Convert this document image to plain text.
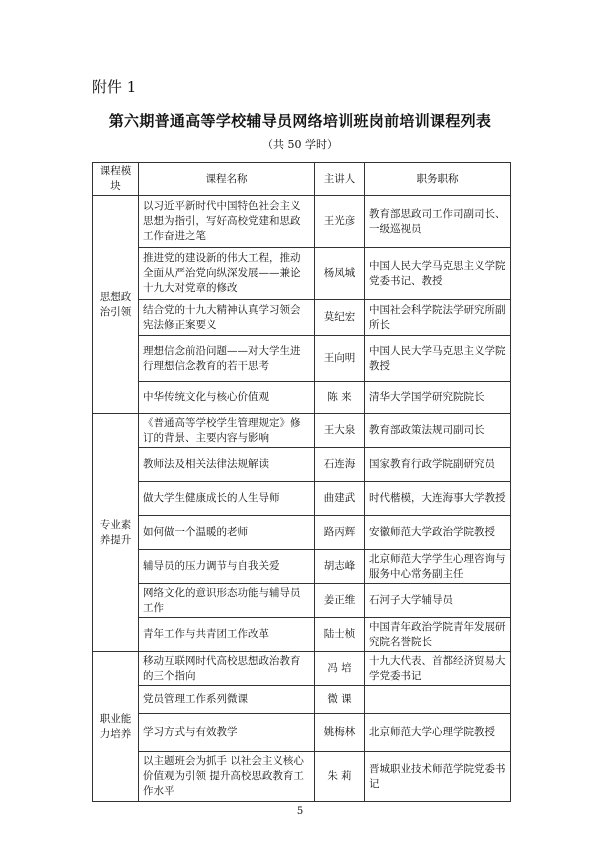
附件 1
第六期普通高等学校辅导员网络培训班岗前培训课程列表
（共 50 学时）
课程模块	课程名称	主讲人	职务职称
思想政治引领	以习近平新时代中国特色社会主义思想为指引，写好高校党建和思政工作奋进之笔	王光彦	教育部思政司工作司副司长、一级巡视员
	推进党的建设新的伟大工程，推动全面从严治党向纵深发展——兼论十九大对党章的修改	杨凤城	中国人民大学马克思主义学院党委书记、教授
	结合党的十九大精神认真学习领会宪法修正案要义	莫纪宏	中国社会科学院法学研究所副所长
	理想信念前沿问题——对大学生进行理想信念教育的若干思考	王向明	中国人民大学马克思主义学院教授
	中华传统文化与核心价值观	陈 来	清华大学国学研究院院长
专业素养提升	《普通高等学校学生管理规定》修订的背景、主要内容与影响	王大泉	教育部政策法规司副司长
	教师法及相关法律法规解读	石连海	国家教育行政学院副研究员
	做大学生健康成长的人生导师	曲建武	时代楷模，大连海事大学教授
	如何做一个温暖的老师	路丙辉	安徽师范大学政治学院教授
	辅导员的压力调节与自我关爱	胡志峰	北京师范大学学生心理咨询与服务中心常务副主任
	网络文化的意识形态功能与辅导员工作	姜正维	石河子大学辅导员
	青年工作与共青团工作改革	陆士桢	中国青年政治学院青年发展研究院名誉院长
职业能力培养	移动互联网时代高校思想政治教育的三个指向	冯 培	十九大代表、首都经济贸易大学党委书记
	党员管理工作系列微课	微 课	
	学习方式与有效教学	姚梅林	北京师范大学心理学院教授
	以主题班会为抓手 以社会主义核心价值观为引领 提升高校思政教育工作水平	朱 莉	晋城职业技术师范学院党委书记
5
